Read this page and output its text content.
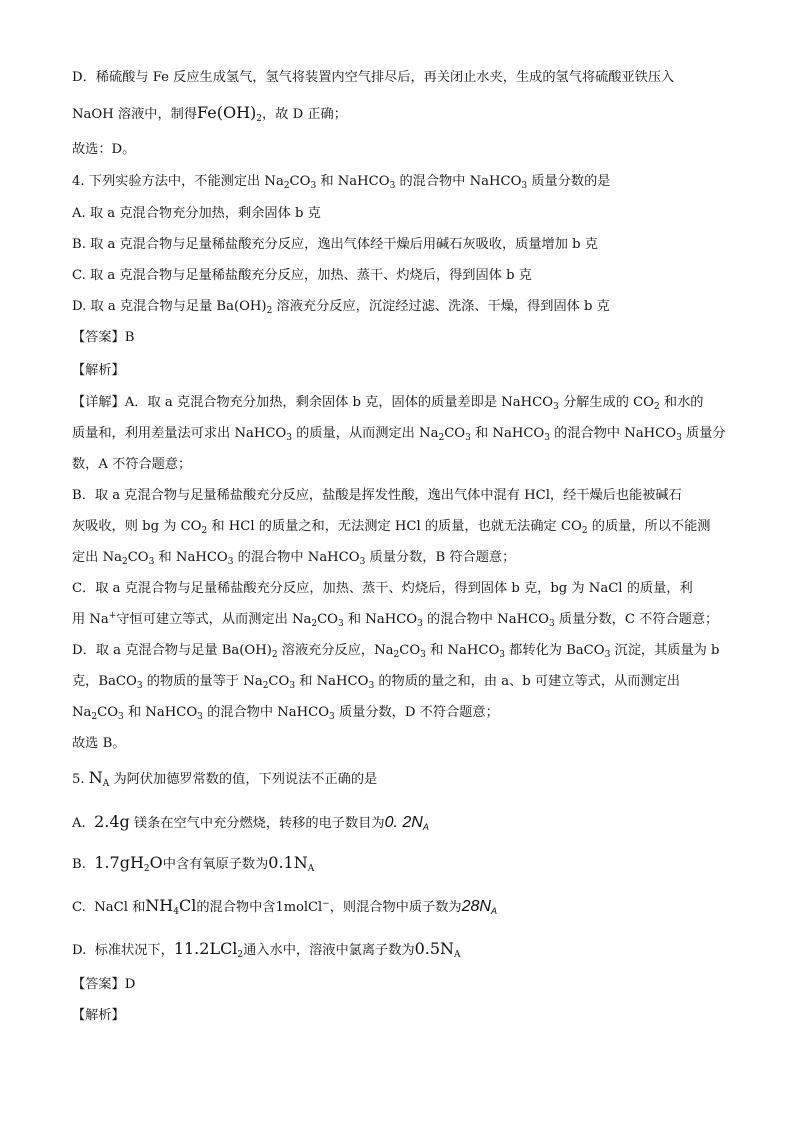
D．稀硫酸与 Fe 反应生成氢气，氢气将装置内空气排尽后，再关闭止水夹，生成的氢气将硫酸亚铁压入
NaOH 溶液中，制得$Fe(OH)_2$，故 D 正确；
故选：D。
4. 下列实验方法中，不能测定出 $Na_2CO_3$ 和 NaHCO$_3$ 的混合物中 NaHCO$_3$ 质量分数的是
A. 取 a 克混合物充分加热，剩余固体 b 克
B. 取 a 克混合物与足量稀盐酸充分反应，逸出气体经干燥后用碱石灰吸收，质量增加 b 克
C. 取 a 克混合物与足量稀盐酸充分反应，加热、蒸干、灼烧后，得到固体 b 克
D. 取 a 克混合物与足量 $Ba(OH)_2$ 溶液充分反应，沉淀经过滤、洗涤、干燥，得到固体 b 克
【答案】B
【解析】
【详解】A．取 a 克混合物充分加热，剩余固体 b 克，固体的质量差即是 NaHCO$_3$ 分解生成的 $CO_2$ 和水的
质量和，利用差量法可求出 NaHCO$_3$ 的质量，从而测定出 $Na_2CO_3$ 和 NaHCO$_3$ 的混合物中 NaHCO$_3$ 质量分
数，A 不符合题意；
B．取 a 克混合物与足量稀盐酸充分反应，盐酸是挥发性酸，逸出气体中混有 HCl，经干燥后也能被碱石
灰吸收，则 bg 为 $CO_2$ 和 HCl 的质量之和，无法测定 HCl 的质量，也就无法确定 $CO_2$ 的质量，所以不能测
定出 $Na_2CO_3$ 和 NaHCO$_3$ 的混合物中 NaHCO$_3$ 质量分数，B 符合题意；
C．取 a 克混合物与足量稀盐酸充分反应，加热、蒸干、灼烧后，得到固体 b 克，bg 为 NaCl 的质量，利
用 Na+守恒可建立等式，从而测定出 $Na_2CO_3$ 和 NaHCO$_3$ 的混合物中 NaHCO$_3$ 质量分数，C 不符合题意；
D．取 a 克混合物与足量 $Ba(OH)_2$ 溶液充分反应，$Na_2CO_3$ 和 NaHCO$_3$ 都转化为 BaCO$_3$ 沉淀，其质量为 b
克，BaCO$_3$ 的物质的量等于 $Na_2CO_3$ 和 NaHCO$_3$ 的物质的量之和，由 a、b 可建立等式，从而测定出
$Na_2CO_3$ 和 NaHCO$_3$ 的混合物中 NaHCO$_3$ 质量分数，D 不符合题意；
故选 B。
5. $N_A$ 为阿伏加德罗常数的值，下列说法不正确的是
A. 2.4g 镁条在空气中充分燃烧，转移的电子数目为0. $2N_A$
B. $1.7gH_2O$中含有氧原子数为$0.1N_A$
C. NaCl 和$NH_4Cl$的混合物中含1molCl−，则混合物中质子数为$28N_A$
D. 标准状况下，11.2LCl$_2$通入水中，溶液中氯离子数为$0.5N_A$
【答案】D
【解析】
